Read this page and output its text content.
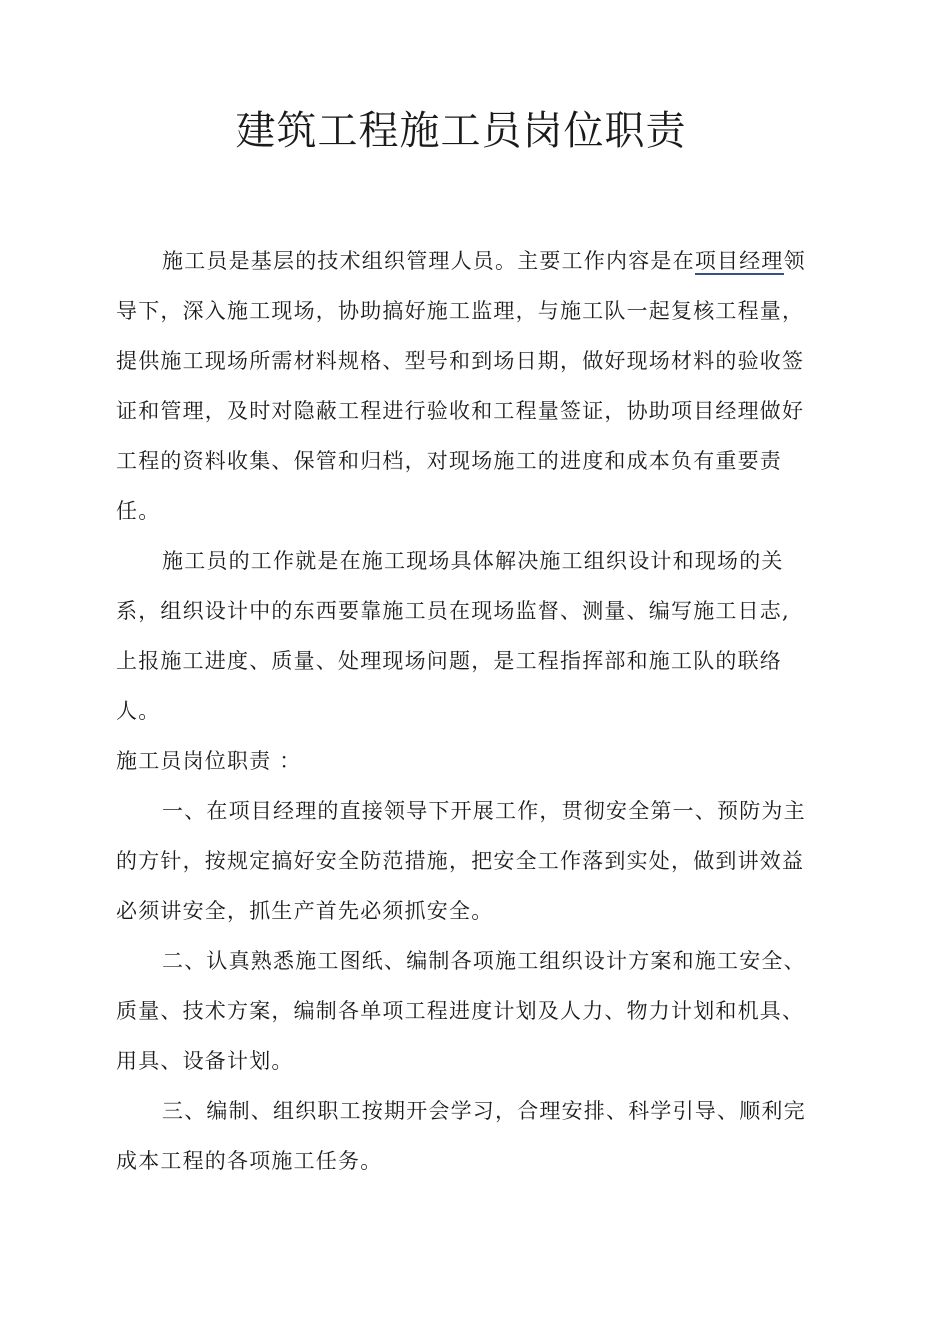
建筑工程施工员岗位职责

施工员是基层的技术组织管理人员。主要工作内容是在项目经理领导下，深入施工现场，协助搞好施工监理，与施工队一起复核工程量，提供施工现场所需材料规格、型号和到场日期，做好现场材料的验收签证和管理，及时对隐蔽工程进行验收和工程量签证，协助项目经理做好工程的资料收集、保管和归档，对现场施工的进度和成本负有重要责任。

施工员的工作就是在施工现场具体解决施工组织设计和现场的关系，组织设计中的东西要靠施工员在现场监督、测量、编写施工日志,上报施工进度、质量、处理现场问题，是工程指挥部和施工队的联络人。

施工员岗位职责 ：

一、在项目经理的直接领导下开展工作，贯彻安全第一、预防为主的方针，按规定搞好安全防范措施，把安全工作落到实处，做到讲效益必须讲安全，抓生产首先必须抓安全。

二、认真熟悉施工图纸、编制各项施工组织设计方案和施工安全、质量、技术方案，编制各单项工程进度计划及人力、物力计划和机具、用具、设备计划。

三、编制、组织职工按期开会学习，合理安排、科学引导、顺利完成本工程的各项施工任务。
